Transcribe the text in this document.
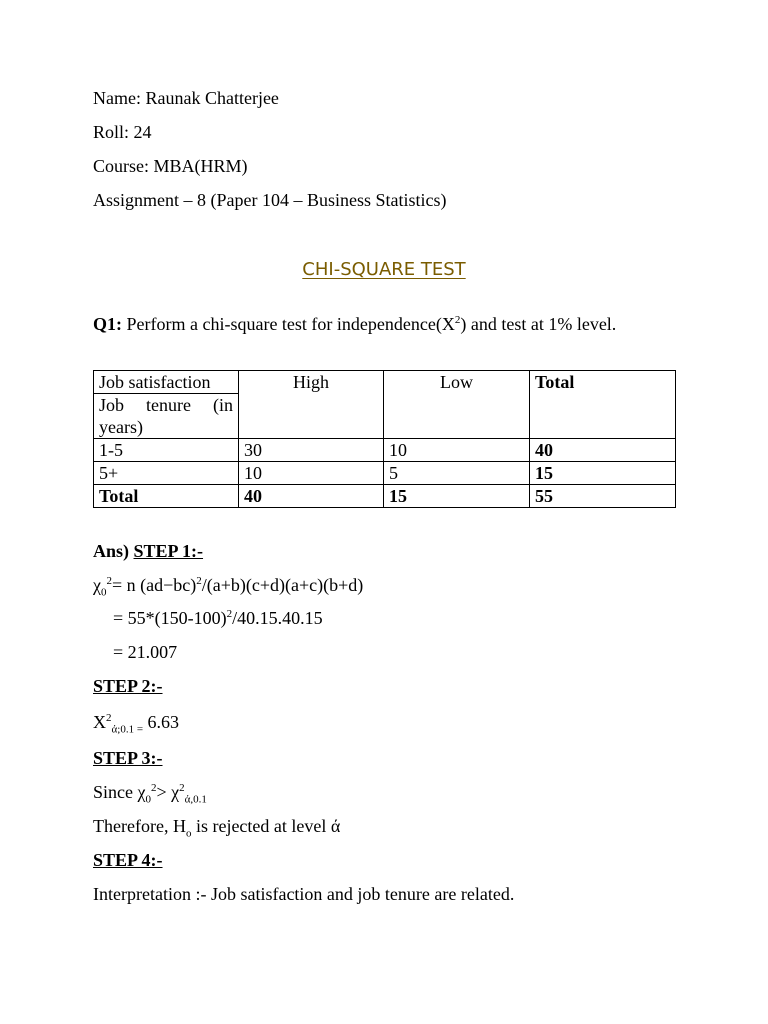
Name: Raunak Chatterjee
Roll: 24
Course: MBA(HRM)
Assignment – 8 (Paper 104 – Business Statistics)
CHI-SQUARE TEST
Q1: Perform a chi-square test for $independence(X^2)$ and test at 1% level.
Job satisfaction
Job tenure (in years)	High	Low	Total
1-5	30	10	40
5+	10	5	15
Total	40	15	55
Ans) STEP 1:-
$\chi_0^2= n$ $(ad-bc)^2/(a+b)(c+d)(a+c)(b+d)$
= $55*(150-100)^2/40.15.40.15$
= 21.007
STEP 2:-
$X^2_{ά;0.1 =}$ 6.63
STEP 3:-
Since $\chi_0^2> \chi^2_{ά,0.1}$
Therefore, $H_o$ is rejected at level ά
STEP 4:-
Interpretation :- Job satisfaction and job tenure are related.
